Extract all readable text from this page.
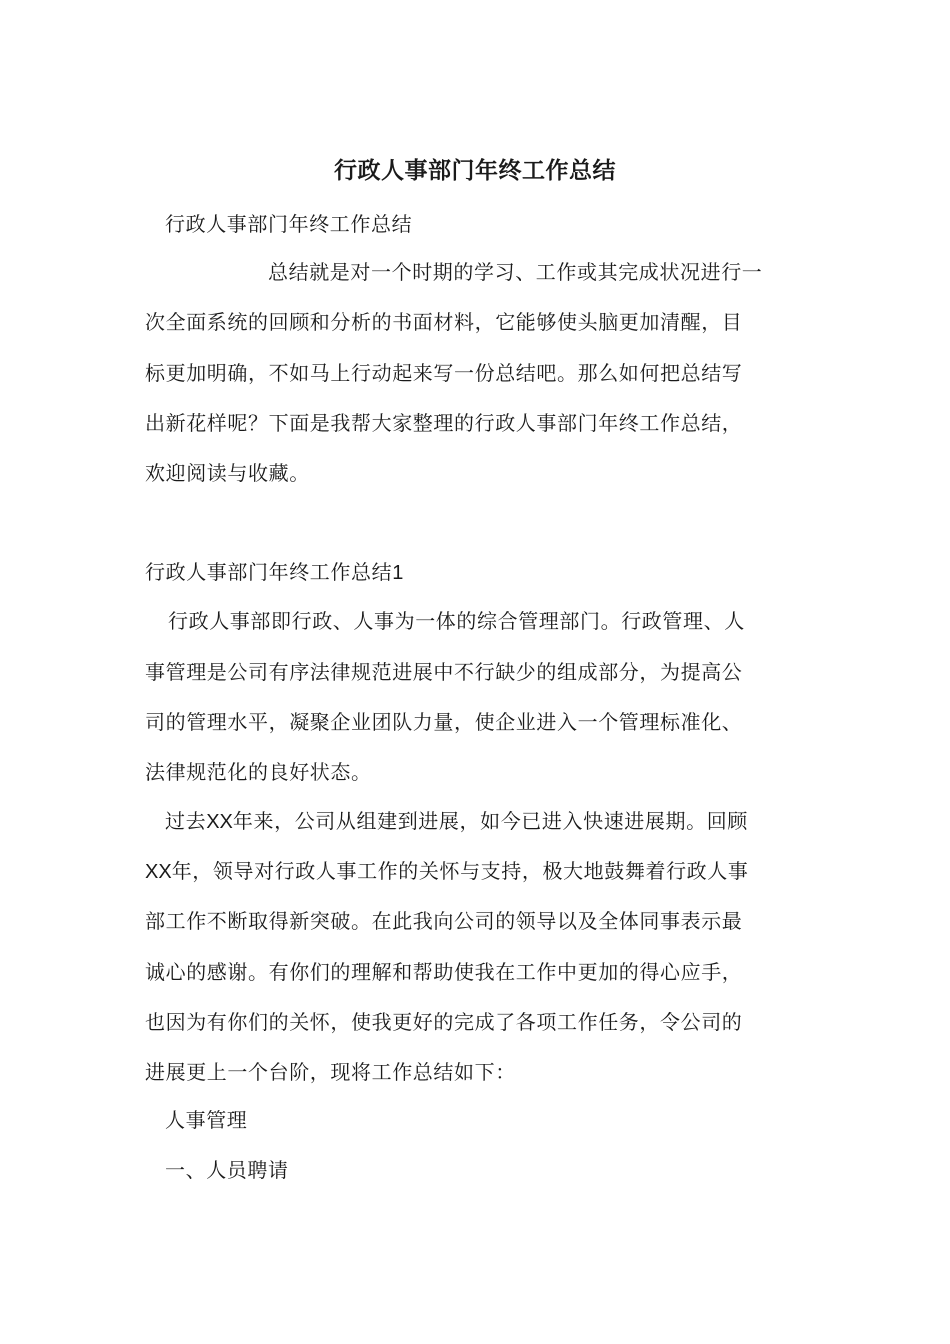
行政人事部门年终工作总结
行政人事部门年终工作总结
总结就是对一个时期的学习、工作或其完成状况进行一
次全面系统的回顾和分析的书面材料，它能够使头脑更加清醒，目
标更加明确，不如马上行动起来写一份总结吧。那么如何把总结写
出新花样呢？下面是我帮大家整理的行政人事部门年终工作总结，
欢迎阅读与收藏。
行政人事部门年终工作总结1
行政人事部即行政、人事为一体的综合管理部门。行政管理、人
事管理是公司有序法律规范进展中不行缺少的组成部分，为提高公
司的管理水平，凝聚企业团队力量，使企业进入一个管理标准化、
法律规范化的良好状态。
过去XX年来，公司从组建到进展，如今已进入快速进展期。回顾
XX年，领导对行政人事工作的关怀与支持，极大地鼓舞着行政人事
部工作不断取得新突破。在此我向公司的领导以及全体同事表示最
诚心的感谢。有你们的理解和帮助使我在工作中更加的得心应手，
也因为有你们的关怀，使我更好的完成了各项工作任务，令公司的
进展更上一个台阶，现将工作总结如下：
人事管理
一、人员聘请
